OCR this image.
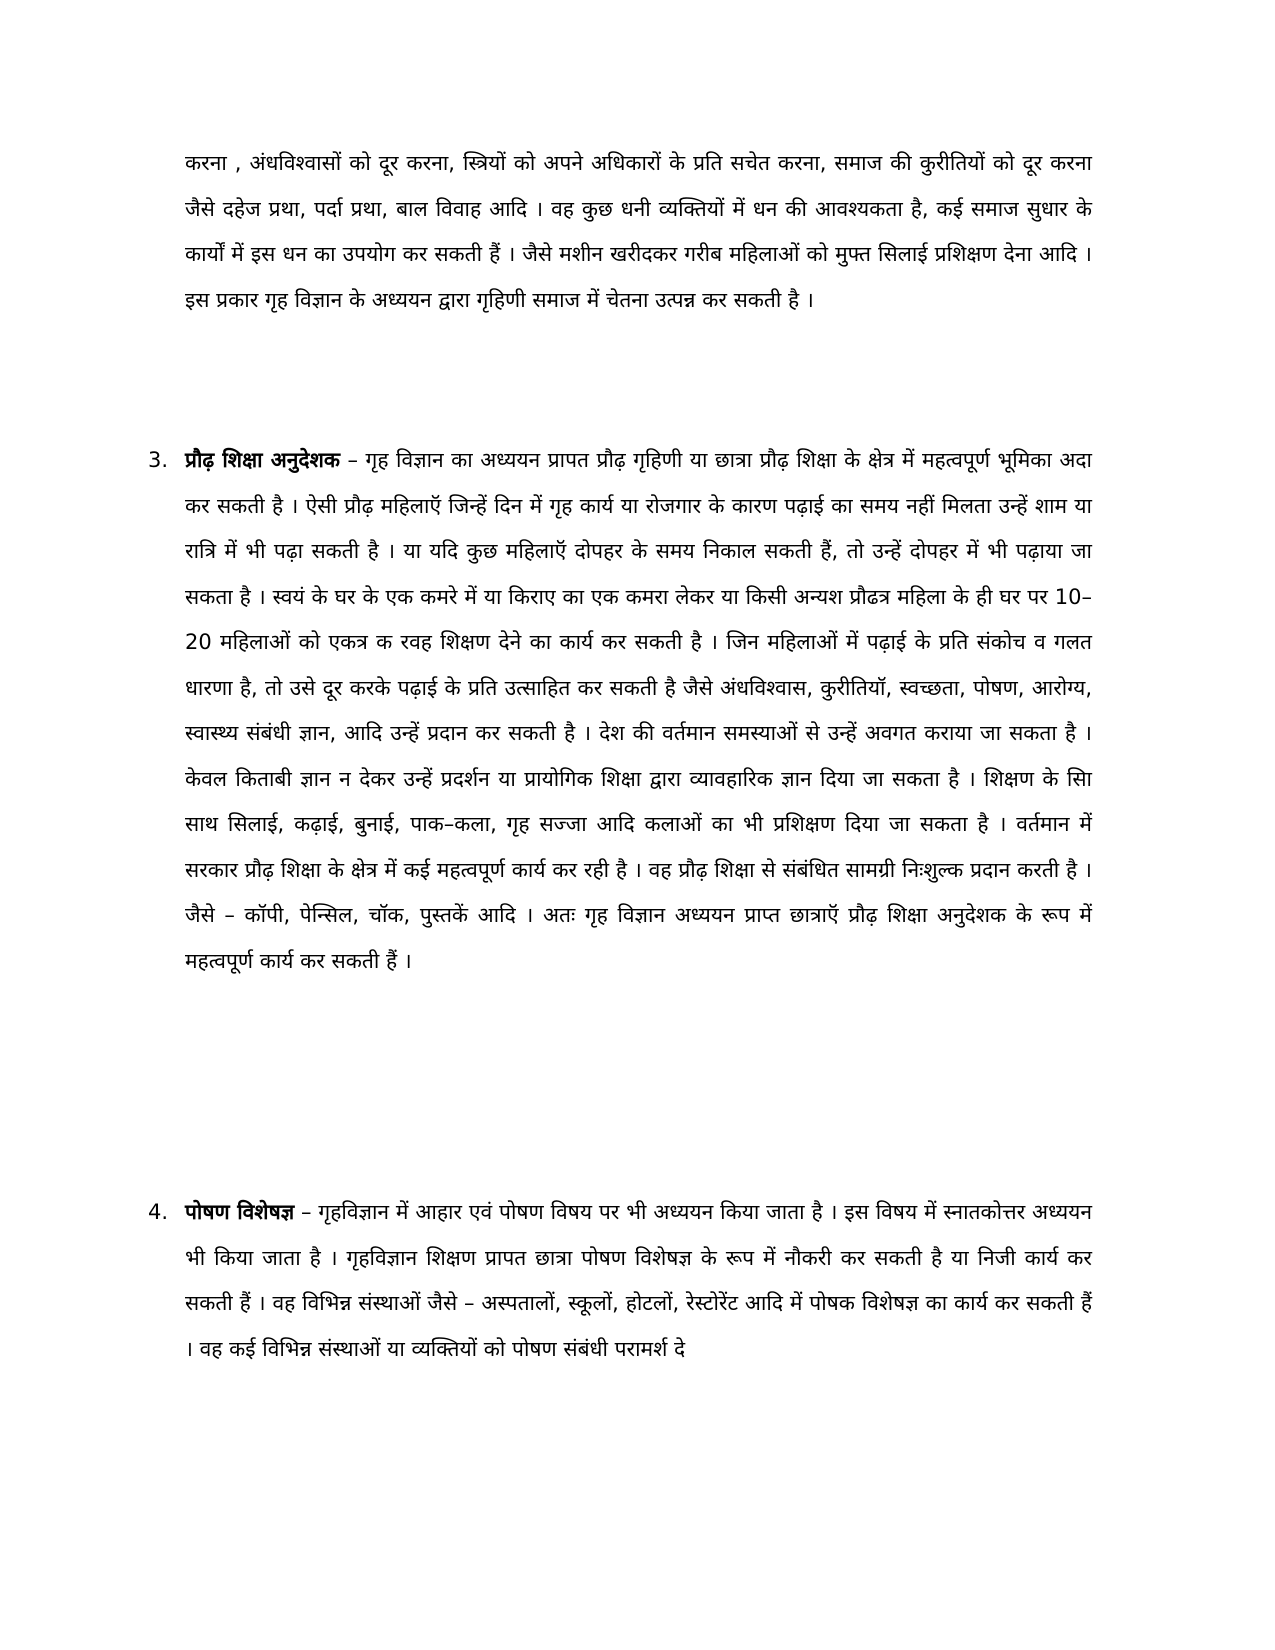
करना , अंधविश्वासों को दूर करना, स्त्रियों को अपने अधिकारों के प्रति सचेत करना, समाज की कुरीतियों को दूर करना जैसे दहेज प्रथा, पर्दा प्रथा, बाल विवाह आदि । वह कुछ धनी व्यक्तियों में धन की आवश्यकता है, कई समाज सुधार के कार्यों में इस धन का उपयोग कर सकती हैं । जैसे मशीन खरीदकर गरीब महिलाओं को मुफ्त सिलाई प्रशिक्षण देना आदि । इस प्रकार गृह विज्ञान के अध्ययन द्वारा गृहिणी समाज में चेतना उत्पन्न कर सकती है ।

3. प्रौढ़ शिक्षा अनुदेशक – गृह विज्ञान का अध्ययन प्रापत प्रौढ़ गृहिणी या छात्रा प्रौढ़ शिक्षा के क्षेत्र में महत्वपूर्ण भूमिका अदा कर सकती है । ऐसी प्रौढ़ महिलाऍ जिन्हें दिन में गृह कार्य या रोजगार के कारण पढ़ाई का समय नहीं मिलता उन्हें शाम या रात्रि में भी पढ़ा सकती है । या यदि कुछ महिलाऍ दोपहर के समय निकाल सकती हैं, तो उन्हें दोपहर में भी पढ़ाया जा सकता है । स्वयं के घर के एक कमरे में या किराए का एक कमरा लेकर या किसी अन्यश प्रौढत्र महिला के ही घर पर 10–20 महिलाओं को एकत्र क रवह शिक्षण देने का कार्य कर सकती है । जिन महिलाओं में पढ़ाई के प्रति संकोच व गलत धारणा है, तो उसे दूर करके पढ़ाई के प्रति उत्साहित कर सकती है जैसे अंधविश्वास, कुरीतियॉ, स्वच्छता, पोषण, आरोग्य, स्वास्थ्य संबंधी ज्ञान, आदि उन्हें प्रदान कर सकती है । देश की वर्तमान समस्याओं से उन्हें अवगत कराया जा सकता है । केवल किताबी ज्ञान न देकर उन्हें प्रदर्शन या प्रायोगिक शिक्षा द्वारा व्यावहारिक ज्ञान दिया जा सकता है । शिक्षण के साि साथ सिलाई, कढ़ाई, बुनाई, पाक–कला, गृह सज्जा आदि कलाओं का भी प्रशिक्षण दिया जा सकता है । वर्तमान में सरकार प्रौढ़ शिक्षा के क्षेत्र में कई महत्वपूर्ण कार्य कर रही है । वह प्रौढ़ शिक्षा से संबंधित सामग्री निःशुल्क प्रदान करती है । जैसे – कॉपी, पेन्सिल, चॉक, पुस्तकें आदि । अतः गृह विज्ञान अध्ययन प्राप्त छात्राऍ प्रौढ़ शिक्षा अनुदेशक के रूप में महत्वपूर्ण कार्य कर सकती हैं ।

4. पोषण विशेषज्ञ – गृहविज्ञान में आहार एवं पोषण विषय पर भी अध्ययन किया जाता है । इस विषय में स्नातकोत्तर अध्ययन भी किया जाता है । गृहविज्ञान शिक्षण प्रापत छात्रा पोषण विशेषज्ञ के रूप में नौकरी कर सकती है या निजी कार्य कर सकती हैं । वह विभिन्न संस्थाओं जैसे – अस्पतालों, स्कूलों, होटलों, रेस्टोरेंट आदि में पोषक विशेषज्ञ का कार्य कर सकती हैं । वह कई विभिन्न संस्थाओं या व्यक्तियों को पोषण संबंधी परामर्श दे
